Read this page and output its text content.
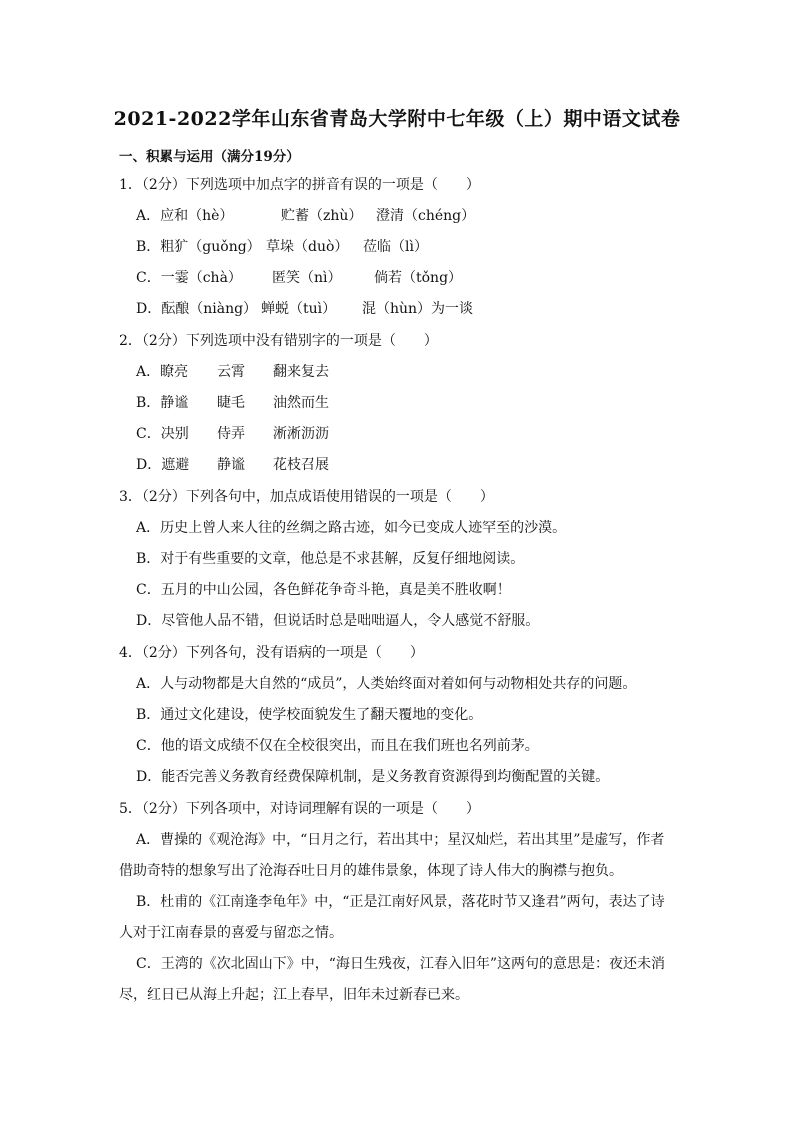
2021-2022学年山东省青岛大学附中七年级（上）期中语文试卷
一、积累与运用（满分19分）
1．（2分）下列选项中加点字的拼音有误的一项是（　　）
A．应和（hè）	贮蓄（zhù） 澄清（chéng）
B．粗犷（guǒng） 草垛（duò） 莅临（lì）
C．一霎（chà） 匿笑（nì） 倘若（tǒng）
D．酝酿（niàng） 蝉蜕（tuì） 混（hùn）为一谈
2．（2分）下列选项中没有错别字的一项是（　　）
A．瞭亮 云霄 翻来复去
B．静谧 睫毛 油然而生
C．决别 侍弄 淅淅沥沥
D．遮避 静谧 花枝召展
3．（2分）下列各句中，加点成语使用错误的一项是（　　）
A．历史上曾人来人往的丝绸之路古迹，如今已变成人迹罕至的沙漠。
B．对于有些重要的文章，他总是不求甚解，反复仔细地阅读。
C．五月的中山公园，各色鲜花争奇斗艳，真是美不胜收啊！
D．尽管他人品不错，但说话时总是咄咄逼人，令人感觉不舒服。
4．（2分）下列各句，没有语病的一项是（　　）
A．人与动物都是大自然的“成员”，人类始终面对着如何与动物相处共存的问题。
B．通过文化建设，使学校面貌发生了翻天覆地的变化。
C．他的语文成绩不仅在全校很突出，而且在我们班也名列前茅。
D．能否完善义务教育经费保障机制，是义务教育资源得到均衡配置的关键。
5．（2分）下列各项中，对诗词理解有误的一项是（　　）
A．曹操的《观沧海》中，“日月之行，若出其中；星汉灿烂，若出其里”是虚写，作者
借助奇特的想象写出了沧海吞吐日月的雄伟景象，体现了诗人伟大的胸襟与抱负。
B．杜甫的《江南逢李龟年》中，“正是江南好风景，落花时节又逢君”两句，表达了诗
人对于江南春景的喜爱与留恋之情。
C．王湾的《次北固山下》中，“海日生残夜，江春入旧年”这两句的意思是：夜还未消
尽，红日已从海上升起；江上春早，旧年未过新春已来。
